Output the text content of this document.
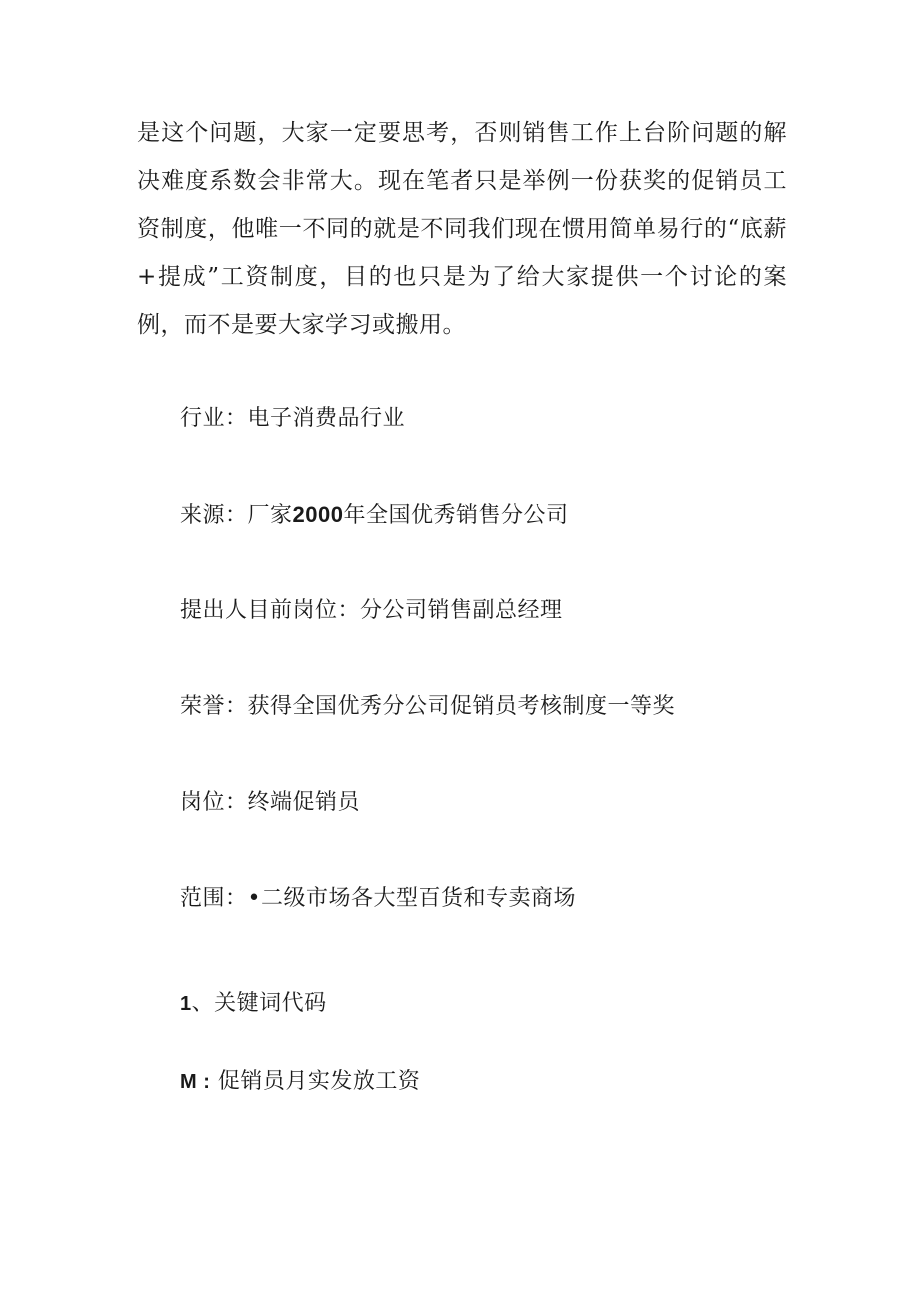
是这个问题，大家一定要思考，否则销售工作上台阶问题的解决难度系数会非常大。现在笔者只是举例一份获奖的促销员工资制度，他唯一不同的就是不同我们现在惯用简单易行的“底薪+提成”工资制度，目的也只是为了给大家提供一个讨论的案例，而不是要大家学习或搬用。

行业：电子消费品行业

来源：厂家2000年全国优秀销售分公司

提出人目前岗位：分公司销售副总经理

荣誉：获得全国优秀分公司促销员考核制度一等奖

岗位：终端促销员

范围：•二级市场各大型百货和专卖商场

1、关键词代码

M : 促销员月实发放工资
